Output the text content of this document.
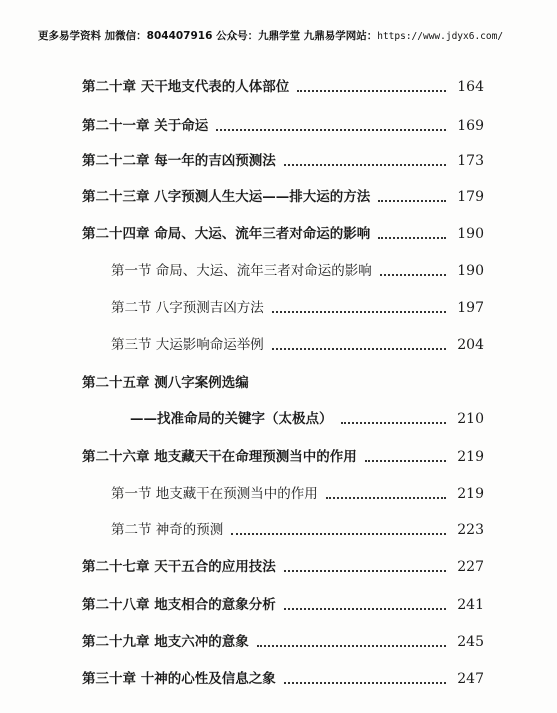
更多易学资料 加微信：804407916 公众号：九鼎学堂 九鼎易学网站：https://www.jdyx6.com/
第二十章 天干地支代表的人体部位	164
第二十一章 关于命运	169
第二十二章 每一年的吉凶预测法	173
第二十三章 八字预测人生大运——排大运的方法	179
第二十四章 命局、大运、流年三者对命运的影响	190
第一节 命局、大运、流年三者对命运的影响	190
第二节 八字预测吉凶方法	197
第三节 大运影响命运举例	204
第二十五章 测八字案例选编
——找准命局的关键字（太极点）	210
第二十六章 地支藏天干在命理预测当中的作用	219
第一节 地支藏干在预测当中的作用	219
第二节 神奇的预测	223
第二十七章 天干五合的应用技法	227
第二十八章 地支相合的意象分析	241
第二十九章 地支六冲的意象	245
第三十章 十神的心性及信息之象	247
